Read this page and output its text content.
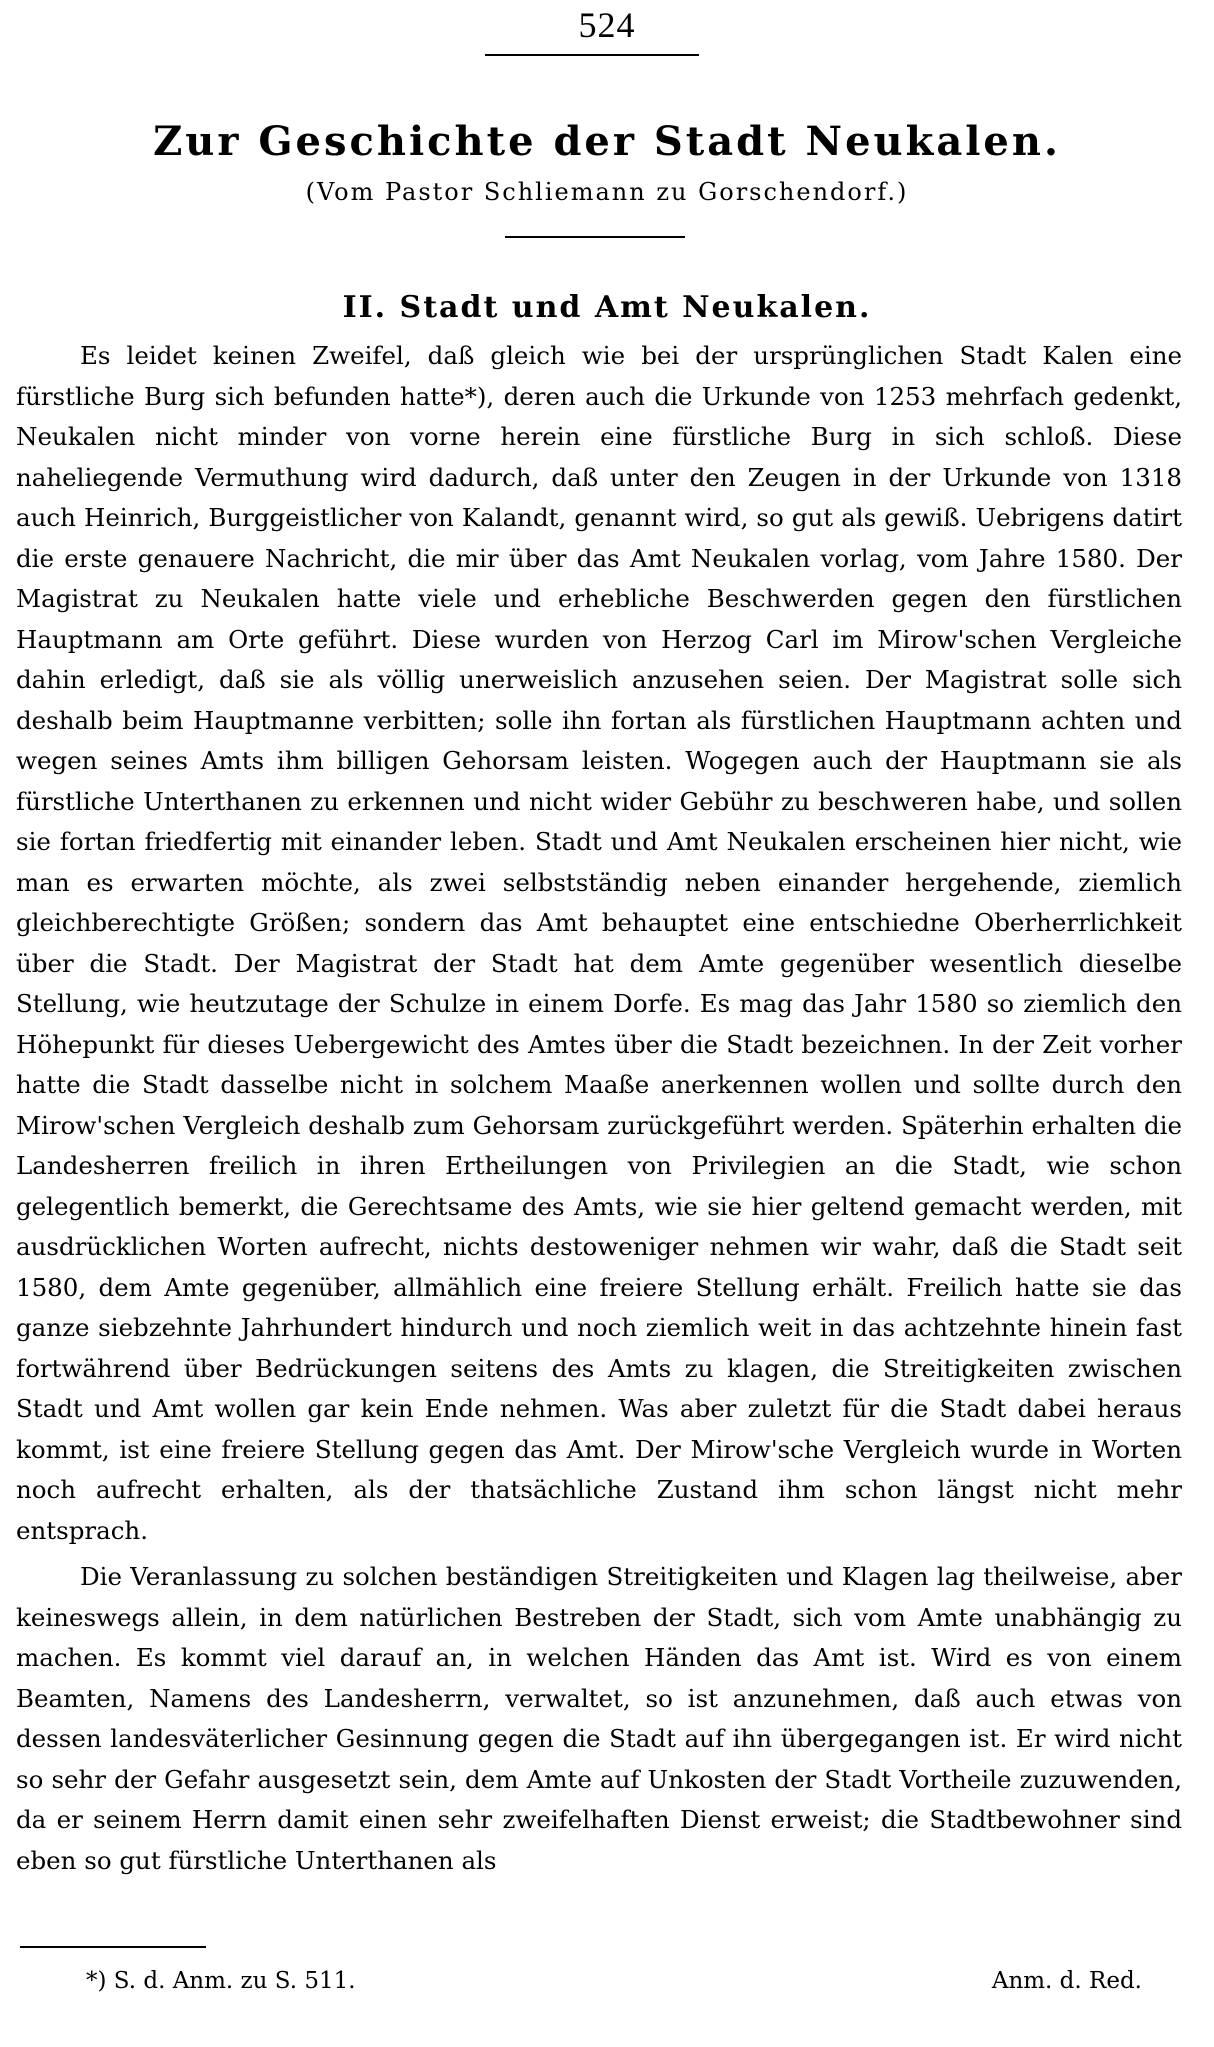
524
Zur Geschichte der Stadt Neukalen.
(Vom Pastor Schliemann zu Gorschendorf.)
II. Stadt und Amt Neukalen.

Es leidet keinen Zweifel, daß gleich wie bei der ursprünglichen Stadt Kalen eine fürstliche Burg sich befunden hatte*), deren auch die Urkunde von 1253 mehrfach gedenkt, Neukalen nicht minder von vorne herein eine fürstliche Burg in sich schloß. Diese naheliegende Vermuthung wird dadurch, daß unter den Zeugen in der Urkunde von 1318 auch Heinrich, Burggeistlicher von Kalandt, genannt wird, so gut als gewiß. Uebrigens datirt die erste genauere Nachricht, die mir über das Amt Neukalen vorlag, vom Jahre 1580. Der Magistrat zu Neukalen hatte viele und erhebliche Beschwerden gegen den fürstlichen Hauptmann am Orte geführt. Diese wurden von Herzog Carl im Mirow'schen Vergleiche dahin erledigt, daß sie als völlig unerweislich anzusehen seien. Der Magistrat solle sich deshalb beim Hauptmanne verbitten; solle ihn fortan als fürstlichen Hauptmann achten und wegen seines Amts ihm billigen Gehorsam leisten. Wogegen auch der Hauptmann sie als fürstliche Unterthanen zu erkennen und nicht wider Gebühr zu beschweren habe, und sollen sie fortan friedfertig mit einander leben. Stadt und Amt Neukalen erscheinen hier nicht, wie man es erwarten möchte, als zwei selbstständig neben einander hergehende, ziemlich gleichberechtigte Größen; sondern das Amt behauptet eine entschiedne Oberherrlichkeit über die Stadt. Der Magistrat der Stadt hat dem Amte gegenüber wesentlich dieselbe Stellung, wie heutzutage der Schulze in einem Dorfe. Es mag das Jahr 1580 so ziemlich den Höhepunkt für dieses Uebergewicht des Amtes über die Stadt bezeichnen. In der Zeit vorher hatte die Stadt dasselbe nicht in solchem Maaße anerkennen wollen und sollte durch den Mirow'schen Vergleich deshalb zum Gehorsam zurückgeführt werden. Späterhin erhalten die Landesherren freilich in ihren Ertheilungen von Privilegien an die Stadt, wie schon gelegentlich bemerkt, die Gerechtsame des Amts, wie sie hier geltend gemacht werden, mit ausdrücklichen Worten aufrecht, nichts destoweniger nehmen wir wahr, daß die Stadt seit 1580, dem Amte gegenüber, allmählich eine freiere Stellung erhält. Freilich hatte sie das ganze siebzehnte Jahrhundert hindurch und noch ziemlich weit in das achtzehnte hinein fast fortwährend über Bedrückungen seitens des Amts zu klagen, die Streitigkeiten zwischen Stadt und Amt wollen gar kein Ende nehmen. Was aber zuletzt für die Stadt dabei heraus kommt, ist eine freiere Stellung gegen das Amt. Der Mirow'sche Vergleich wurde in Worten noch aufrecht erhalten, als der thatsächliche Zustand ihm schon längst nicht mehr entsprach.

Die Veranlassung zu solchen beständigen Streitigkeiten und Klagen lag theilweise, aber keineswegs allein, in dem natürlichen Bestreben der Stadt, sich vom Amte unabhängig zu machen. Es kommt viel darauf an, in welchen Händen das Amt ist. Wird es von einem Beamten, Namens des Landesherrn, verwaltet, so ist anzunehmen, daß auch etwas von dessen landesväterlicher Gesinnung gegen die Stadt auf ihn übergegangen ist. Er wird nicht so sehr der Gefahr ausgesetzt sein, dem Amte auf Unkosten der Stadt Vortheile zuzuwenden, da er seinem Herrn damit einen sehr zweifelhaften Dienst erweist; die Stadtbewohner sind eben so gut fürstliche Unterthanen als

*) S. d. Anm. zu S. 511.	Anm. d. Red.
